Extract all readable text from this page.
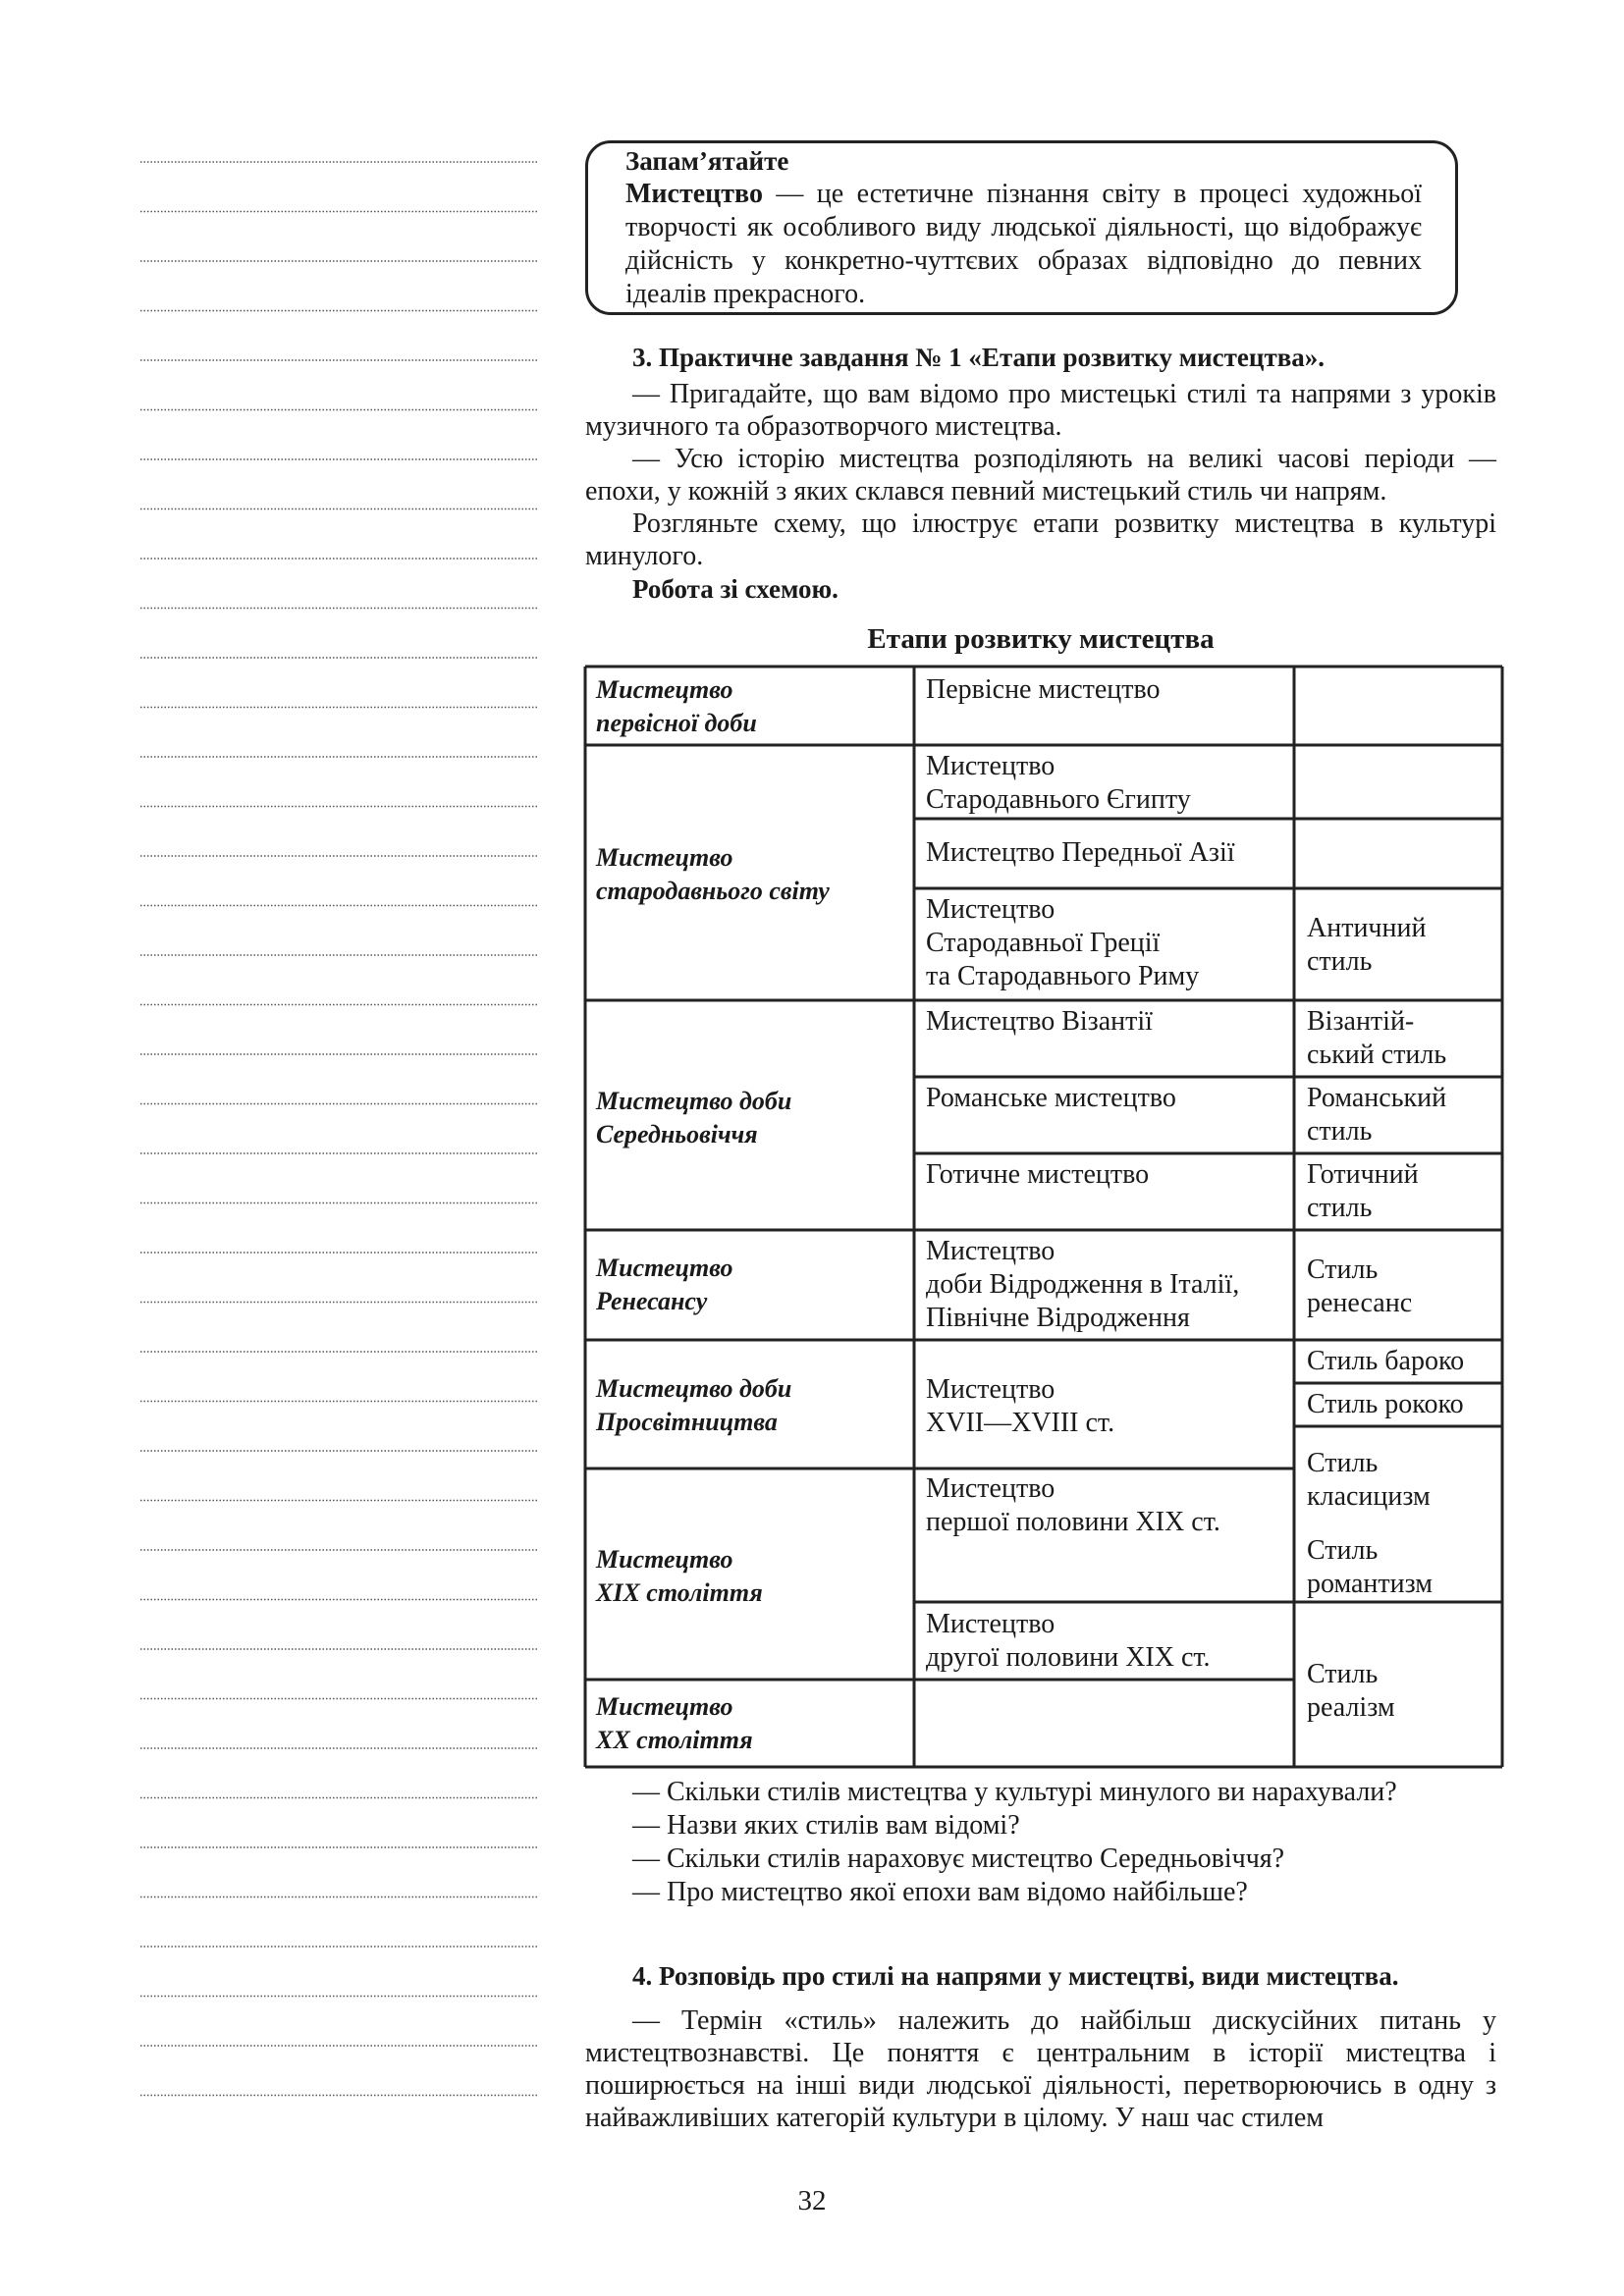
Запам’ятайте
Мистецтво — це естетичне пізнання світу в процесі художньої творчості як особливого виду людської діяльності, що відображує дійсність у конкретно-чуттєвих образах відповідно до певних ідеалів прекрасного.

3. Практичне завдання № 1 «Етапи розвитку мистецтва».

— Пригадайте, що вам відомо про мистецькі стилі та напрями з уроків музичного та образотворчого мистецтва.

— Усю історію мистецтва розподіляють на великі часові періоди — епохи, у кожній з яких склався певний мистецький стиль чи напрям.

Розгляньте схему, що ілюструє етапи розвитку мистецтва в культурі минулого.

Робота зі схемою.

Етапи розвитку мистецтва
Мистецтво
первісної доби
Мистецтво
стародавнього світу
Мистецтво доби
Середньовіччя
Мистецтво
Ренесансу
Мистецтво доби
Просвітництва
Мистецтво
XIX століття
Мистецтво
XX століття
Первісне мистецтво
Мистецтво
Стародавнього Єгипту
Мистецтво Передньої Азії
Мистецтво
Стародавньої Греції
та Стародавнього Риму
Мистецтво Візантії
Романське мистецтво
Готичне мистецтво
Мистецтво
доби Відродження в Італії,
Північне Відродження
Мистецтво
XVII—XVIII ст.
Мистецтво
першої половини XIX ст.
Мистецтво
другої половини XIX ст.
Античний
стиль
Візантій-
ський стиль
Романський
стиль
Готичний
стиль
Стиль
ренесанс
Стиль бароко
Стиль рококо
Стиль
класицизм
Стиль
романтизм
Стиль
реалізм

— Скільки стилів мистецтва у культурі минулого ви нарахували?

— Назви яких стилів вам відомі?

— Скільки стилів нараховує мистецтво Середньовіччя?

— Про мистецтво якої епохи вам відомо найбільше?

4. Розповідь про стилі на напрями у мистецтві, види мистецтва.

— Термін «стиль» належить до найбільш дискусійних питань у мистецтвознавстві. Це поняття є центральним в історії мистецтва і поширюється на інші види людської діяльності, перетворюючись в одну з найважливіших категорій культури в цілому. У наш час стилем

32
